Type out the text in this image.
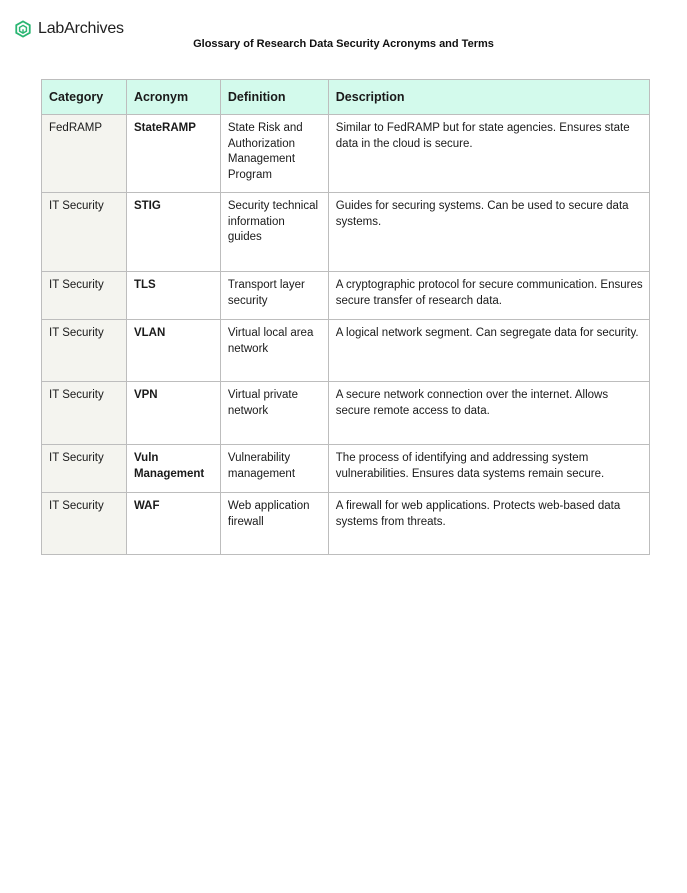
LabArchives
Glossary of Research Data Security Acronyms and Terms
Category	Acronym	Definition	Description
FedRAMP	StateRAMP	State Risk and Authorization Management Program	Similar to FedRAMP but for state agencies. Ensures state data in the cloud is secure.
IT Security	STIG	Security technical information guides	Guides for securing systems. Can be used to secure data systems.
IT Security	TLS	Transport layer security	A cryptographic protocol for secure communication. Ensures secure transfer of research data.
IT Security	VLAN	Virtual local area network	A logical network segment. Can segregate data for security.
IT Security	VPN	Virtual private network	A secure network connection over the internet. Allows secure remote access to data.
IT Security	Vuln Management	Vulnerability management	The process of identifying and addressing system vulnerabilities. Ensures data systems remain secure.
IT Security	WAF	Web application firewall	A firewall for web applications. Protects web-based data systems from threats.
